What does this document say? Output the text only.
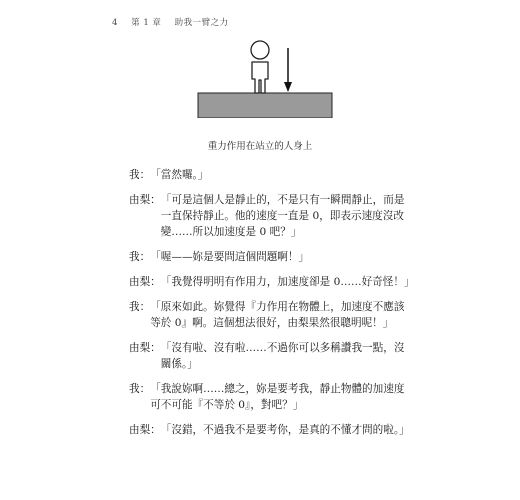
4 第 1 章 助我一臂之力
重力作用在站立的人身上
我： 「當然囉。」
由梨： 「可是這個人是靜止的，不是只有一瞬間靜止，而是一直保持靜止。他的速度一直是 0，即表示速度沒改變……所以加速度是 0 吧？」
我： 「喔——妳是要問這個問題啊！」
由梨： 「我覺得明明有作用力，加速度卻是 0……好奇怪！」
我： 「原來如此。妳覺得『力作用在物體上，加速度不應該等於 0』啊。這個想法很好，由梨果然很聰明呢！」
由梨： 「沒有啦、沒有啦……不過你可以多稱讚我一點，沒關係。」
我： 「我說妳啊……總之，妳是要考我，靜止物體的加速度可不可能『不等於 0』，對吧？」
由梨： 「沒錯，不過我不是要考你，是真的不懂才問的啦。」
